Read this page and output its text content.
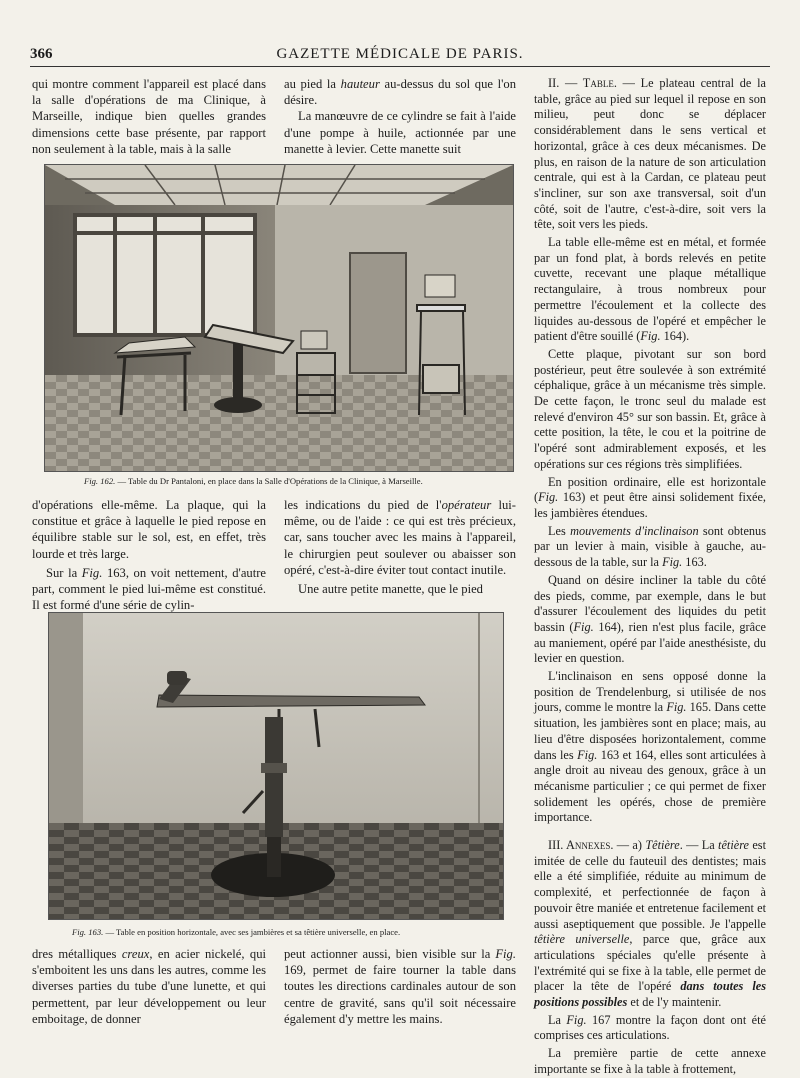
366	GAZETTE MÉDICALE DE PARIS.

qui montre comment l'appareil est placé dans la salle d'opérations de ma Clinique, à Marseille, indique bien quelles grandes dimensions cette base présente, par rapport non seulement à la table, mais à la salle

au pied la hauteur au-dessus du sol que l'on désire.

La manœuvre de ce cylindre se fait à l'aide d'une pompe à huile, actionnée par une manette à levier. Cette manette suit

Fig. 162. — Table du Dr Pantaloni, en place dans la Salle d'Opérations de la Clinique, à Marseille.

d'opérations elle-même. La plaque, qui la constitue et grâce à laquelle le pied repose en équilibre stable sur le sol, est, en effet, très lourde et très large.

Sur la Fig. 163, on voit nettement, d'autre part, comment le pied lui-même est constitué. Il est formé d'une série de cylin-

les indications du pied de l'opérateur lui-même, ou de l'aide : ce qui est très précieux, car, sans toucher avec les mains à l'appareil, le chirurgien peut soulever ou abaisser son opéré, c'est-à-dire éviter tout contact inutile.

Une autre petite manette, que le pied

Fig. 163. — Table en position horizontale, avec ses jambières et sa têtière universelle, en place.

dres métalliques creux, en acier nickelé, qui s'emboitent les uns dans les autres, comme les diverses parties du tube d'une lunette, et qui permettent, par leur développement ou leur emboitage, de donner

peut actionner aussi, bien visible sur la Fig. 169, permet de faire tourner la table dans toutes les directions cardinales autour de son centre de gravité, sans qu'il soit nécessaire également d'y mettre les mains.

II. — Table. — Le plateau central de la table, grâce au pied sur lequel il repose en son milieu, peut donc se déplacer considérablement dans le sens vertical et horizontal, grâce à ces deux mécanismes. De plus, en raison de la nature de son articulation centrale, qui est à la Cardan, ce plateau peut s'incliner, sur son axe transversal, soit d'un côté, soit de l'autre, c'est-à-dire, soit vers la tête, soit vers les pieds.

La table elle-même est en métal, et formée par un fond plat, à bords relevés en petite cuvette, recevant une plaque métallique rectangulaire, à trous nombreux pour permettre l'écoulement et la collecte des liquides au-dessous de l'opéré et empêcher le patient d'être souillé (Fig. 164).

Cette plaque, pivotant sur son bord postérieur, peut être soulevée à son extrémité céphalique, grâce à un mécanisme très simple. De cette façon, le tronc seul du malade est relevé d'environ 45° sur son bassin. Et, grâce à cette position, la tête, le cou et la poitrine de l'opéré sont admirablement exposés, et les opérations sur ces régions très simplifiées.

En position ordinaire, elle est horizontale (Fig. 163) et peut être ainsi solidement fixée, les jambières étendues.

Les mouvements d'inclinaison sont obtenus par un levier à main, visible à gauche, au-dessous de la table, sur la Fig. 163.

Quand on désire incliner la table du côté des pieds, comme, par exemple, dans le but d'assurer l'écoulement des liquides du petit bassin (Fig. 164), rien n'est plus facile, grâce au maniement, opéré par l'aide anesthésiste, du levier en question.

L'inclinaison en sens opposé donne la position de Trendelenburg, si utilisée de nos jours, comme le montre la Fig. 165. Dans cette situation, les jambières sont en place; mais, au lieu d'être disposées horizontalement, comme dans les Fig. 163 et 164, elles sont articulées à angle droit au niveau des genoux, grâce à un mécanisme particulier ; ce qui permet de fixer solidement les opérés, chose de première importance.

III. Annexes. — a) Têtière. — La têtière est imitée de celle du fauteuil des dentistes; mais elle a été simplifiée, réduite au minimum de complexité, et perfectionnée de façon à pouvoir être maniée et entretenue facilement et aussi aseptiquement que possible. Je l'appelle têtière universelle, parce que, grâce aux articulations spéciales qu'elle présente à l'extrémité qui se fixe à la table, elle permet de placer la tête de l'opéré dans toutes les positions possibles et de l'y maintenir.

La Fig. 167 montre la façon dont ont été comprises ces articulations.

La première partie de cette annexe importante se fixe à la table à frottement,
